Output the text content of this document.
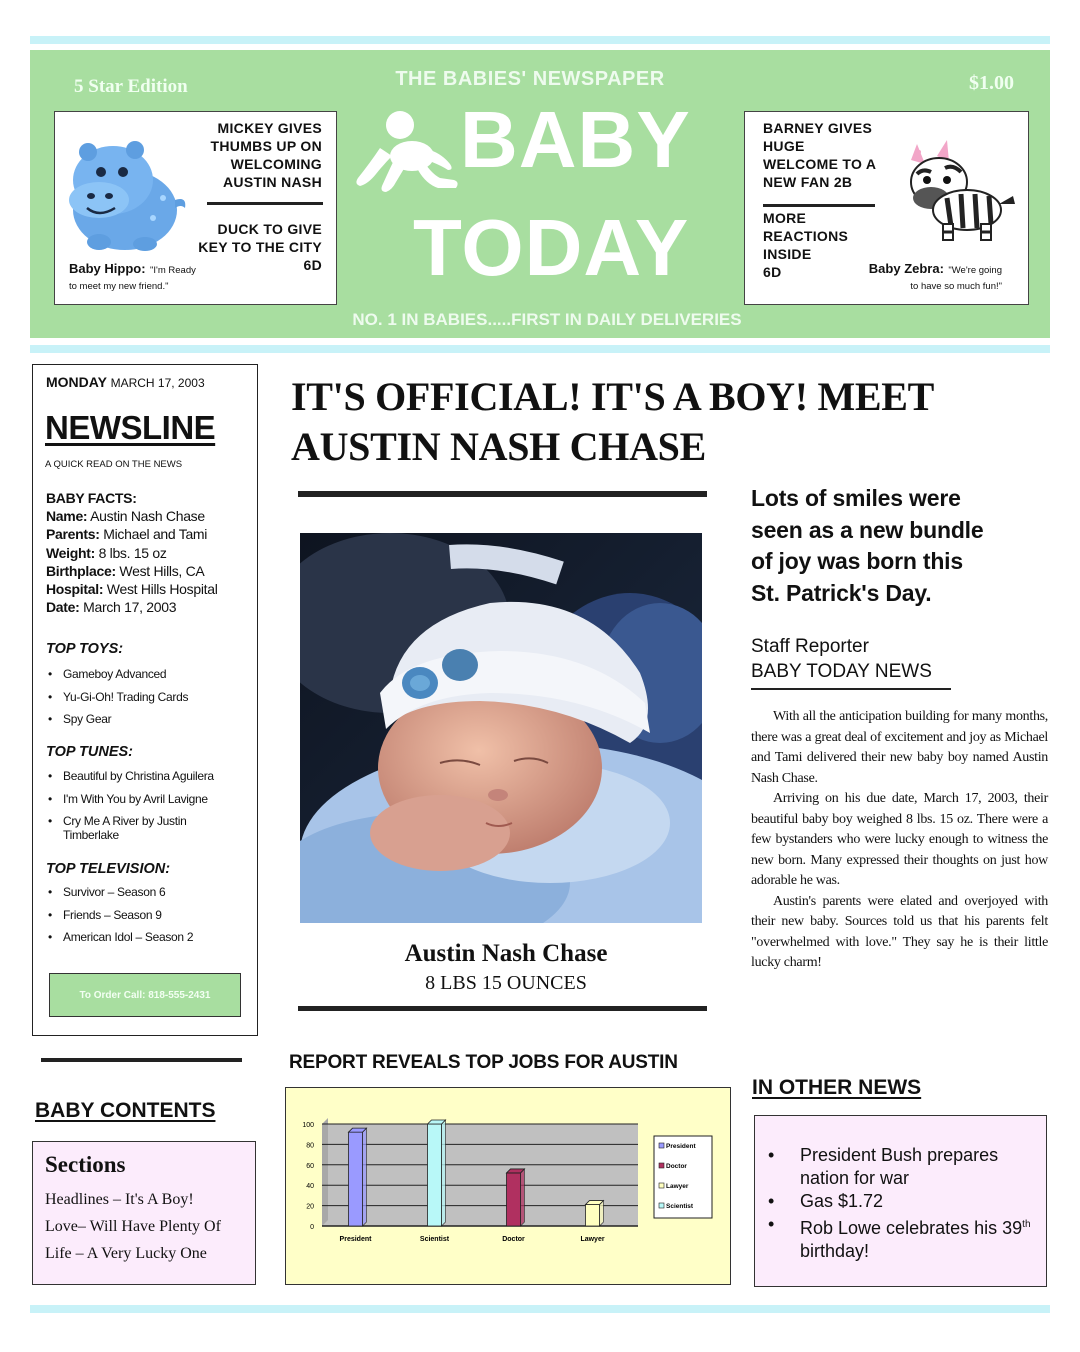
5 Star Edition	$1.00
THE BABIES' NEWSPAPER
BABY
TODAY
NO. 1 IN BABIES.....FIRST IN DAILY DELIVERIES
MICKEY GIVES
THUMBS UP ON
WELCOMING
AUSTIN NASH
DUCK TO GIVE
KEY TO THE CITY
6D
Baby Hippo: "I'm Ready
to meet my new friend."
BARNEY GIVES
HUGE
WELCOME TO A
NEW FAN 2B
MORE
REACTIONS
INSIDE
6D	Baby Zebra: "We're going
to have so much fun!"
MONDAY MARCH 17, 2003
NEWSLINE
A QUICK READ ON THE NEWS
BABY FACTS:
Name: Austin Nash Chase
Parents: Michael and Tami
Weight: 8 lbs. 15 oz
Birthplace: West Hills, CA
Hospital: West Hills Hospital
Date: March 17, 2003
TOP TOYS:
• Gameboy Advanced
• Yu-Gi-Oh! Trading Cards
• Spy Gear
TOP TUNES:
• Beautiful by Christina Aguilera
• I'm With You by Avril Lavigne
• Cry Me A River by Justin Timberlake
TOP TELEVISION:
• Survivor – Season 6
• Friends – Season 9
• American Idol – Season 2
To Order Call: 818-555-2431
IT'S OFFICIAL! IT'S A BOY! MEET
AUSTIN NASH CHASE
Austin Nash Chase
8 LBS 15 OUNCES
Lots of smiles were
seen as a new bundle
of joy was born this
St. Patrick's Day.
Staff Reporter
BABY TODAY NEWS

With all the anticipation building for many months, there was a great deal of excitement and joy as Michael and Tami delivered their new baby boy named Austin Nash Chase.

Arriving on his due date, March 17, 2003, their beautiful baby boy weighed 8 lbs. 15 oz. There were a few bystanders who were lucky enough to witness the new born. Many expressed their thoughts on just how adorable he was.

Austin's parents were elated and overjoyed with their new baby. Sources told us that his parents felt "overwhelmed with love." They say he is their little lucky charm!

REPORT REVEALS TOP JOBS FOR AUSTIN
0
20
40
60
80
100
President	Scientist	Doctor	Lawyer
President
Doctor
Lawyer
Scientist
BABY CONTENTS
Sections
Headlines – It's A Boy!
Love– Will Have Plenty Of
Life – A Very Lucky One
IN OTHER NEWS
• President Bush prepares nation for war
• Gas $1.72
• Rob Lowe celebrates his 39th birthday!
